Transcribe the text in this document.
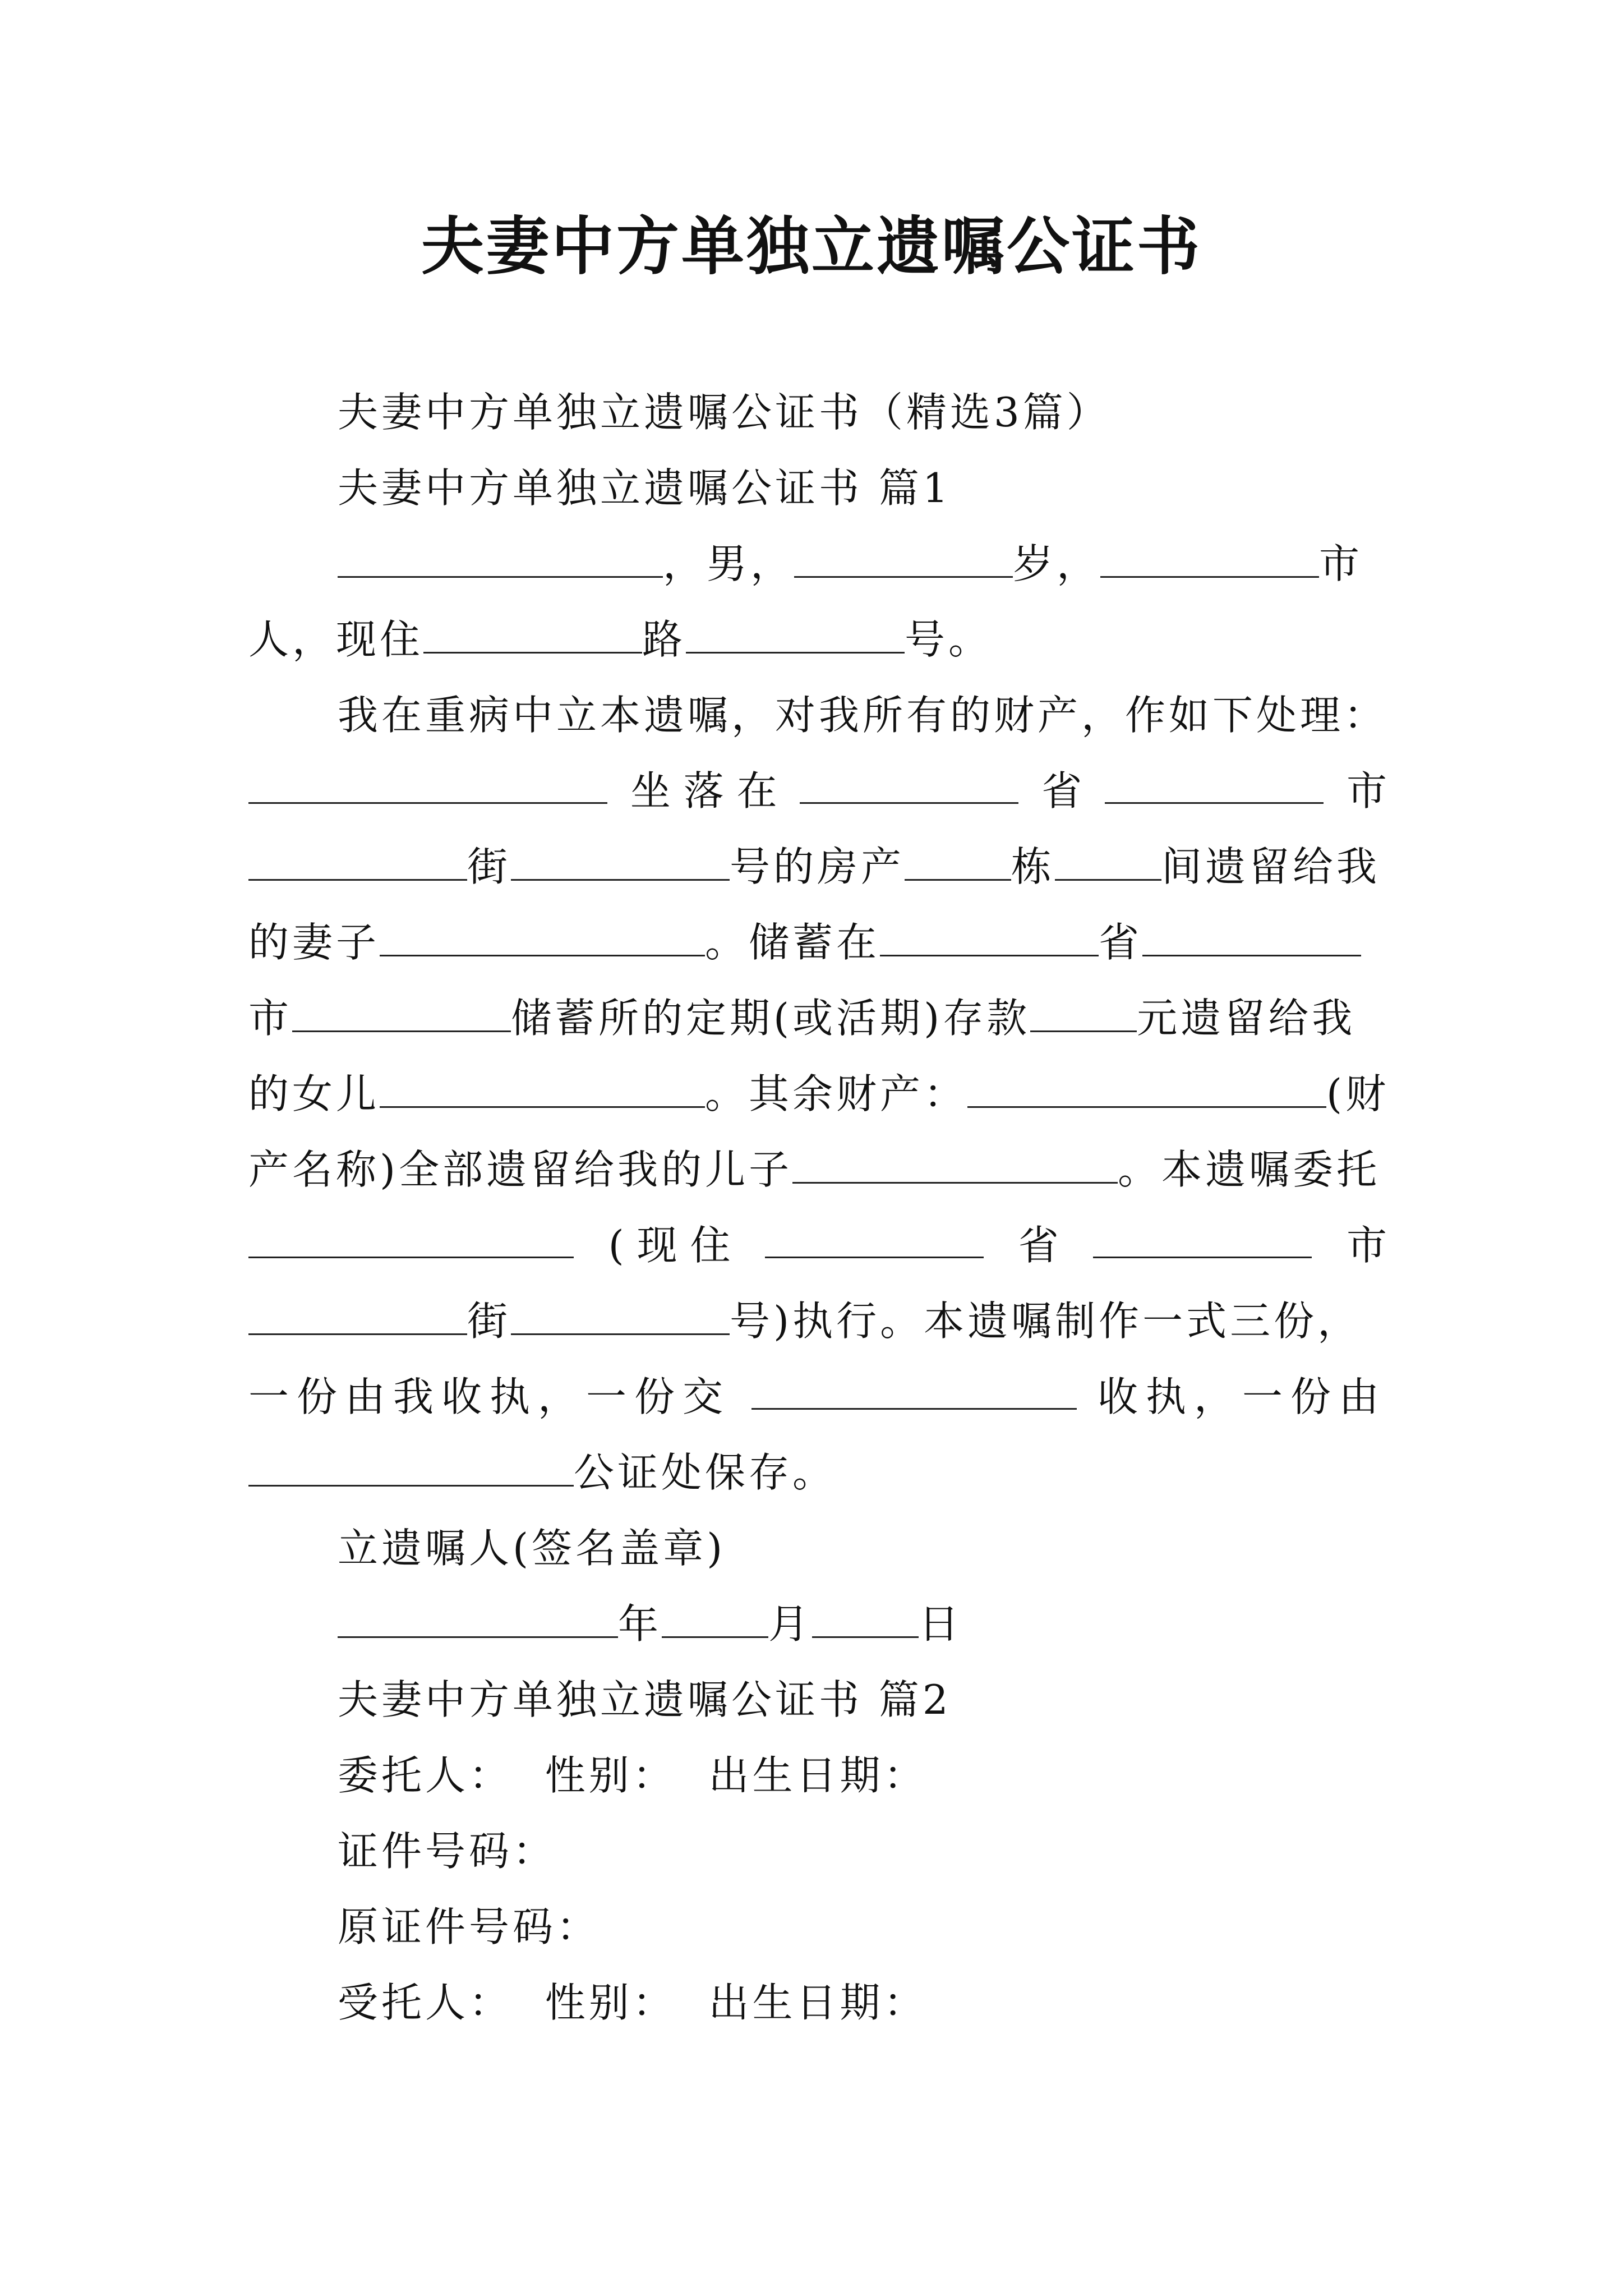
夫妻中方单独立遗嘱公证书
夫妻中方单独立遗嘱公证书（精选3篇）
夫妻中方单独立遗嘱公证书 篇1
，男，	岁，	市
人，现住	路	号。
我在重病中立本遗嘱，对我所有的财产，作如下处理：
坐 落 在	省	市
街	号的房产	栋	间遗留给我
的妻子	。储蓄在	省
市	储蓄所的定期(或活期)存款	元遗留给我
的女儿	。其余财产：	(财
产名称)全部遗留给我的儿子	。本遗嘱委托
( 现 住	省	市
街	号)执行。本遗嘱制作一式三份，
一份由我收执，一份交	收执，一份由
公证处保存。
立遗嘱人(签名盖章)
年	月	日
夫妻中方单独立遗嘱公证书 篇2
委托人：  性别：  出生日期：
证件号码：
原证件号码：
受托人：  性别：  出生日期：
